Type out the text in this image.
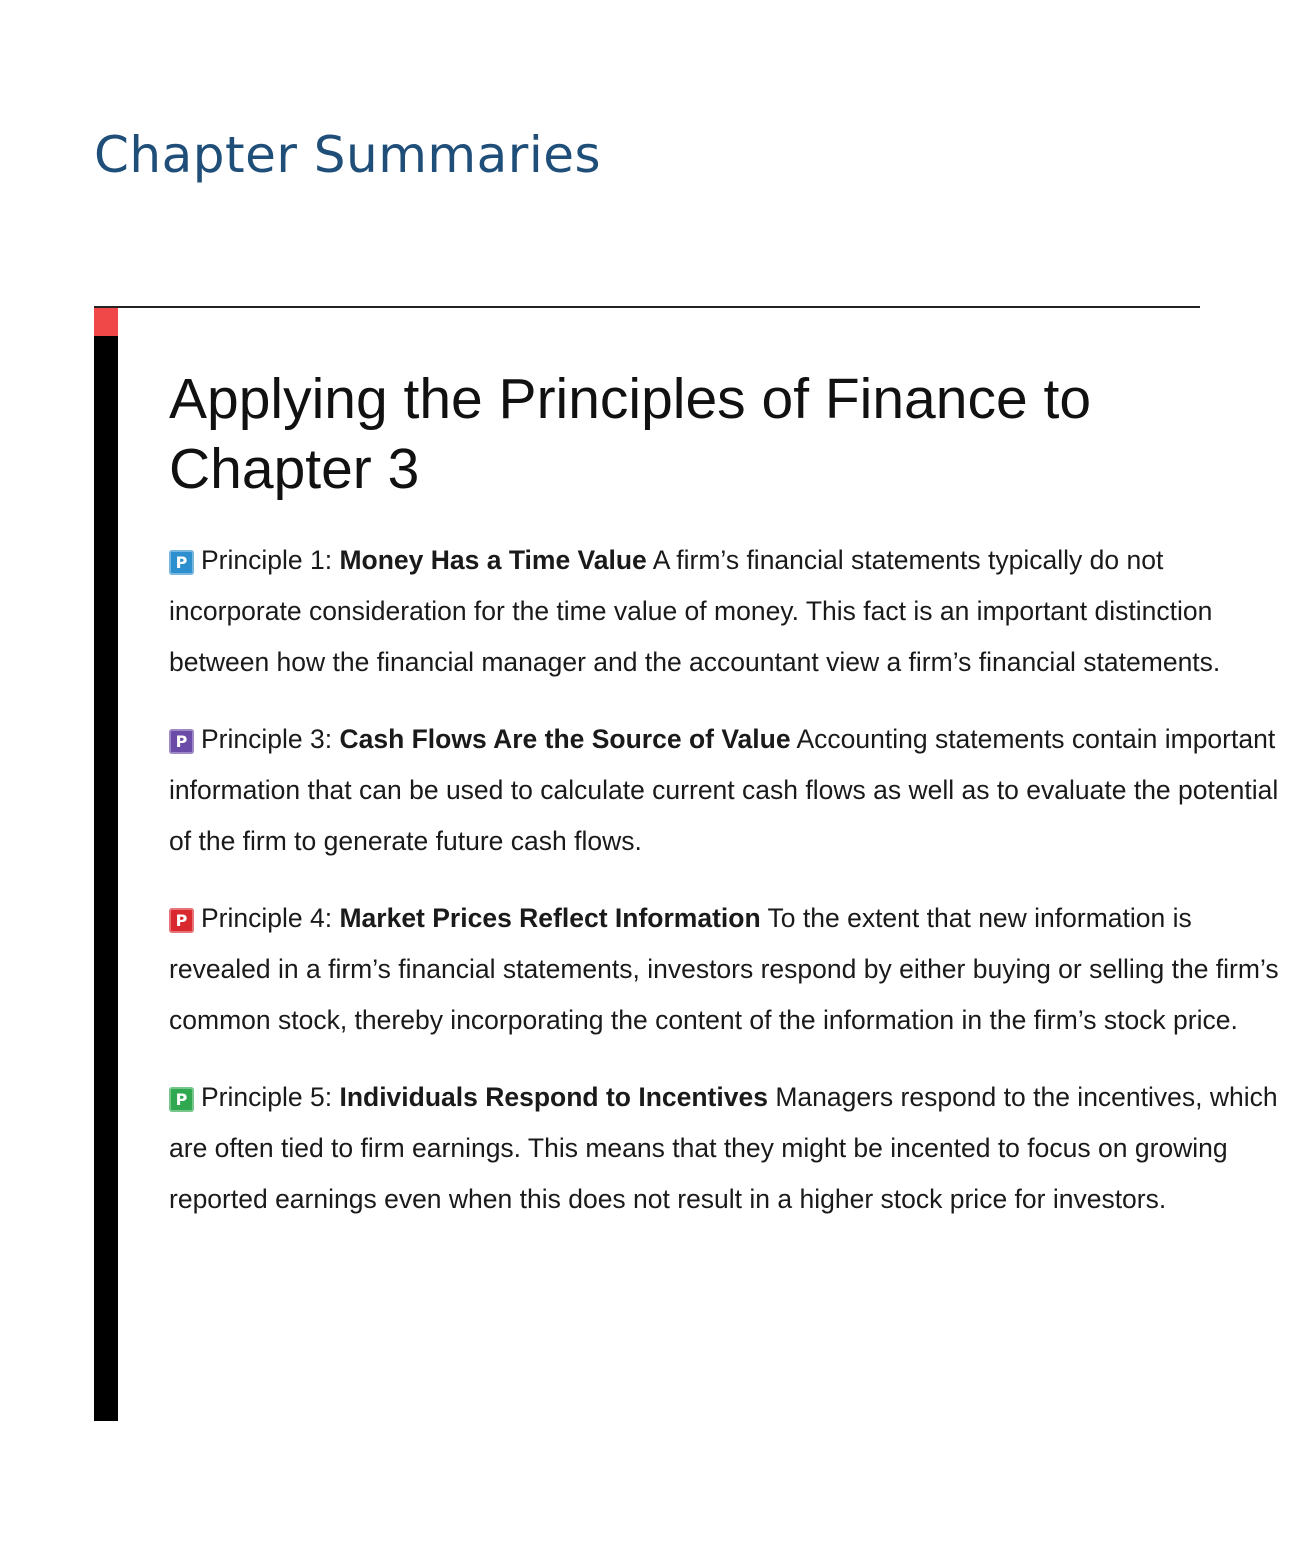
Chapter Summaries
Applying the Principles of Finance to
Chapter 3

P Principle 1: Money Has a Time Value A firm’s financial statements typically do not incorporate consideration for the time value of money. This fact is an important distinction between how the financial manager and the accountant view a firm’s financial statements.

P Principle 3: Cash Flows Are the Source of Value Accounting statements contain important information that can be used to calculate current cash flows as well as to evaluate the potential of the firm to generate future cash flows.

P Principle 4: Market Prices Reflect Information To the extent that new information is revealed in a firm’s financial statements, investors respond by either buying or selling the firm’s common stock, thereby incorporating the content of the information in the firm’s stock price.

P Principle 5: Individuals Respond to Incentives Managers respond to the incentives, which are often tied to firm earnings. This means that they might be incented to focus on growing reported earnings even when this does not result in a higher stock price for investors.
